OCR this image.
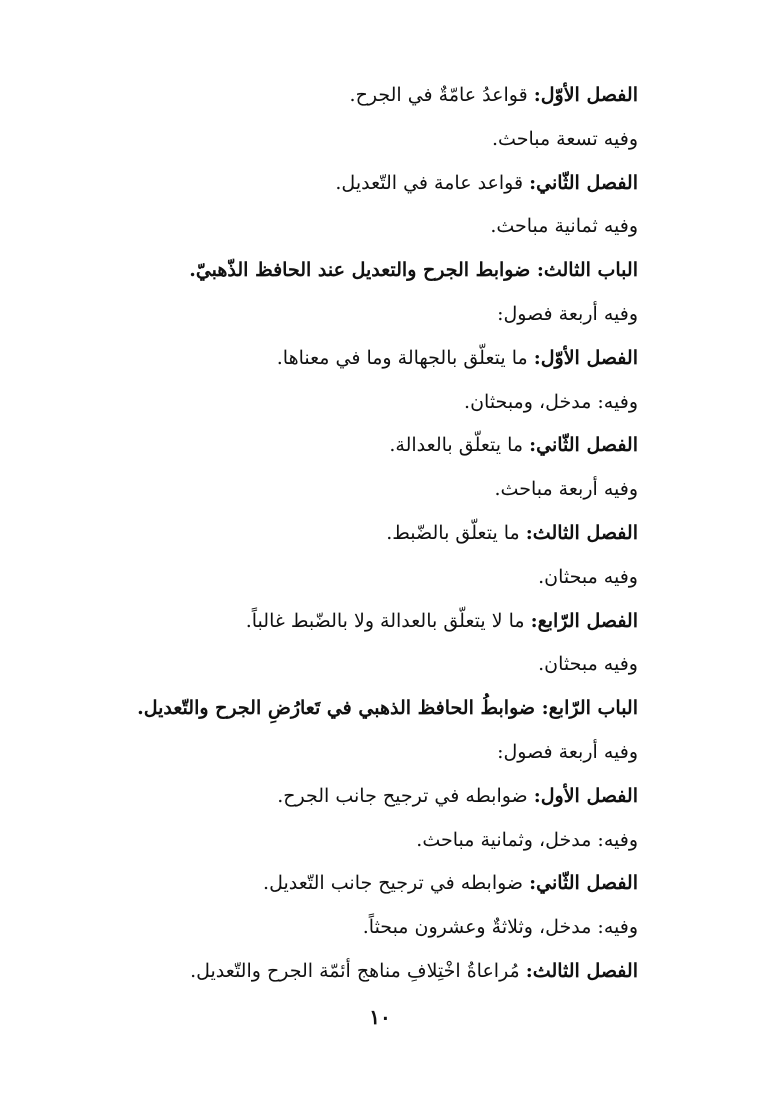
الفصل الأوّل: قواعدُ عامّةٌ في الجرح.
وفيه تسعة مباحث.
الفصل الثّاني: قواعد عامة في التّعديل.
وفيه ثمانية مباحث.
الباب الثالث: ضوابط الجرح والتعديل عند الحافظ الذّهبيّ.
وفيه أربعة فصول:
الفصل الأوّل: ما يتعلّق بالجهالة وما في معناها.
وفيه: مدخل، ومبحثان.
الفصل الثّاني: ما يتعلّق بالعدالة.
وفيه أربعة مباحث.
الفصل الثالث: ما يتعلّق بالضّبط.
وفيه مبحثان.
الفصل الرّابع: ما لا يتعلّق بالعدالة ولا بالضّبط غالباً.
وفيه مبحثان.
الباب الرّابع: ضوابطُ الحافظ الذهبي في تَعارُضِ الجرح والتّعديل.
وفيه أربعة فصول:
الفصل الأول: ضوابطه في ترجيح جانب الجرح.
وفيه: مدخل، وثمانية مباحث.
الفصل الثّاني: ضوابطه في ترجيح جانب التّعديل.
وفيه: مدخل، وثلاثةٌ وعشرون مبحثاً.
الفصل الثالث: مُراعاةُ اخْتِلافِ مناهج أئمّة الجرح والتّعديل.
١٠
